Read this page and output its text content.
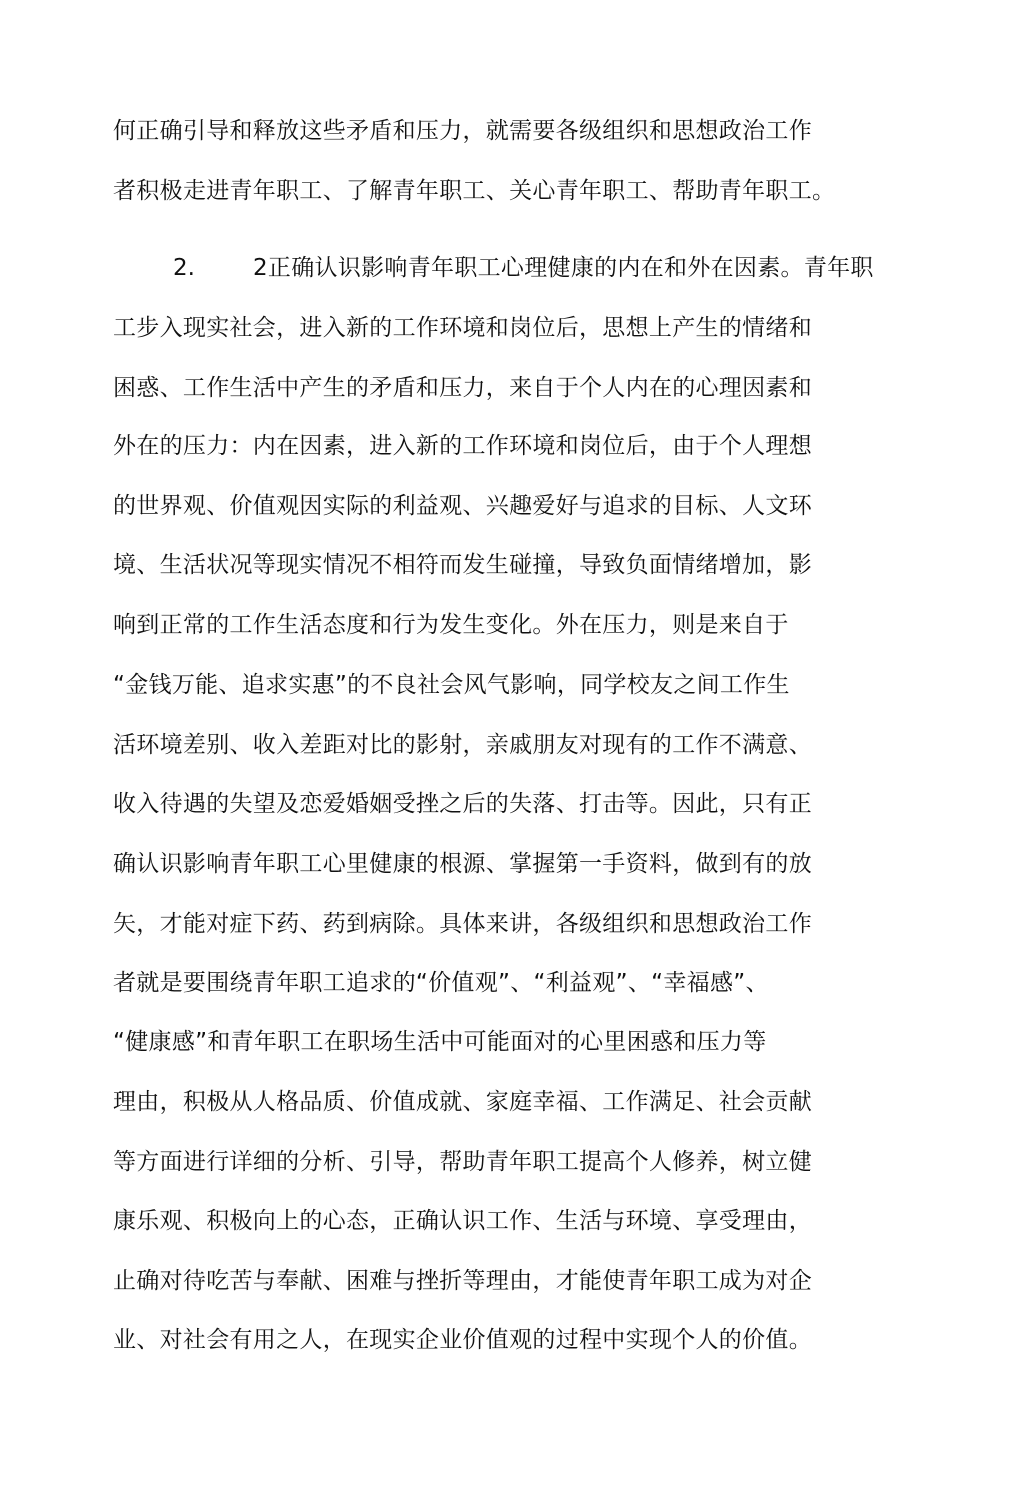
何正确引导和释放这些矛盾和压力，就需要各级组织和思想政治工作
者积极走进青年职工、了解青年职工、关心青年职工、帮助青年职工。
2.	2正确认识影响青年职工心理健康的内在和外在因素。青年职
工步入现实社会，进入新的工作环境和岗位后，思想上产生的情绪和
困惑、工作生活中产生的矛盾和压力，来自于个人内在的心理因素和
外在的压力：内在因素，进入新的工作环境和岗位后，由于个人理想
的世界观、价值观因实际的利益观、兴趣爱好与追求的目标、人文环
境、生活状况等现实情况不相符而发生碰撞，导致负面情绪增加，影
响到正常的工作生活态度和行为发生变化。外在压力，则是来自于
“金钱万能、追求实惠”的不良社会风气影响，同学校友之间工作生
活环境差别、收入差距对比的影射，亲戚朋友对现有的工作不满意、
收入待遇的失望及恋爱婚姻受挫之后的失落、打击等。因此，只有正
确认识影响青年职工心里健康的根源、掌握第一手资料，做到有的放
矢，才能对症下药、药到病除。具体来讲，各级组织和思想政治工作
者就是要围绕青年职工追求的“价值观”、“利益观”、“幸福感”、
“健康感”和青年职工在职场生活中可能面对的心里困惑和压力等
理由，积极从人格品质、价值成就、家庭幸福、工作满足、社会贡献
等方面进行详细的分析、引导，帮助青年职工提高个人修养，树立健
康乐观、积极向上的心态，正确认识工作、生活与环境、享受理由，
止确对待吃苦与奉献、困难与挫折等理由，才能使青年职工成为对企
业、对社会有用之人，在现实企业价值观的过程中实现个人的价值。
